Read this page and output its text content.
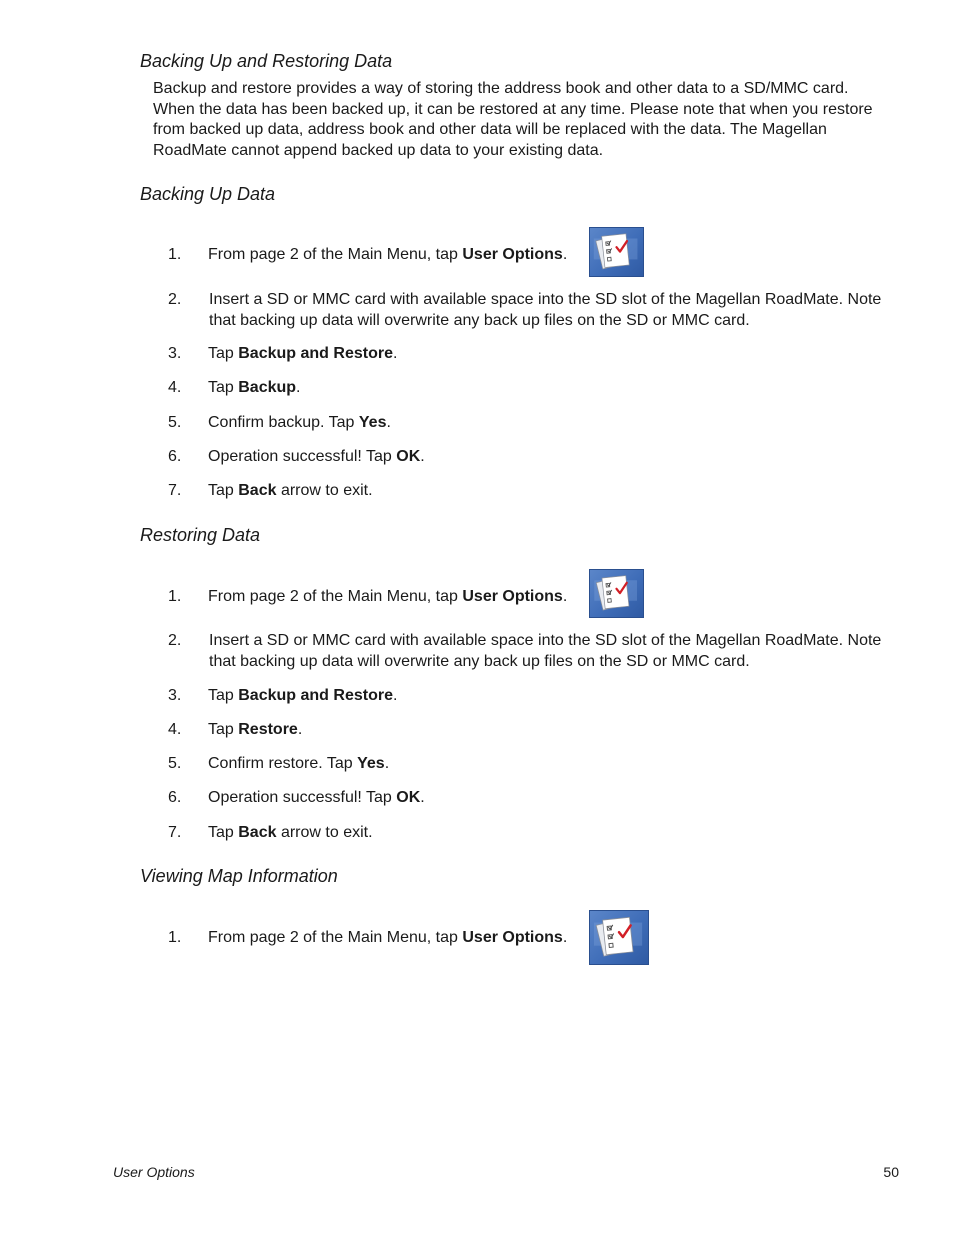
Backing Up and Restoring Data

Backup and restore provides a way of storing the address book and other data to a SD/MMC card. When the data has been backed up, it can be restored at any time. Please note that when you restore from backed up data, address book and other data will be replaced with the data. The Magellan RoadMate cannot append backed up data to your existing data.

Backing Up Data
1. From page 2 of the Main Menu, tap User Options.
2. Insert a SD or MMC card with available space into the SD slot of the Magellan RoadMate. Note that backing up data will overwrite any back up files on the SD or MMC card.
3. Tap Backup and Restore.
4. Tap Backup.
5. Confirm backup. Tap Yes.
6. Operation successful! Tap OK.
7. Tap Back arrow to exit.
Restoring Data
1. From page 2 of the Main Menu, tap User Options.
2. Insert a SD or MMC card with available space into the SD slot of the Magellan RoadMate. Note that backing up data will overwrite any back up files on the SD or MMC card.
3. Tap Backup and Restore.
4. Tap Restore.
5. Confirm restore. Tap Yes.
6. Operation successful! Tap OK.
7. Tap Back arrow to exit.
Viewing Map Information
1. From page 2 of the Main Menu, tap User Options.
User Options	50
